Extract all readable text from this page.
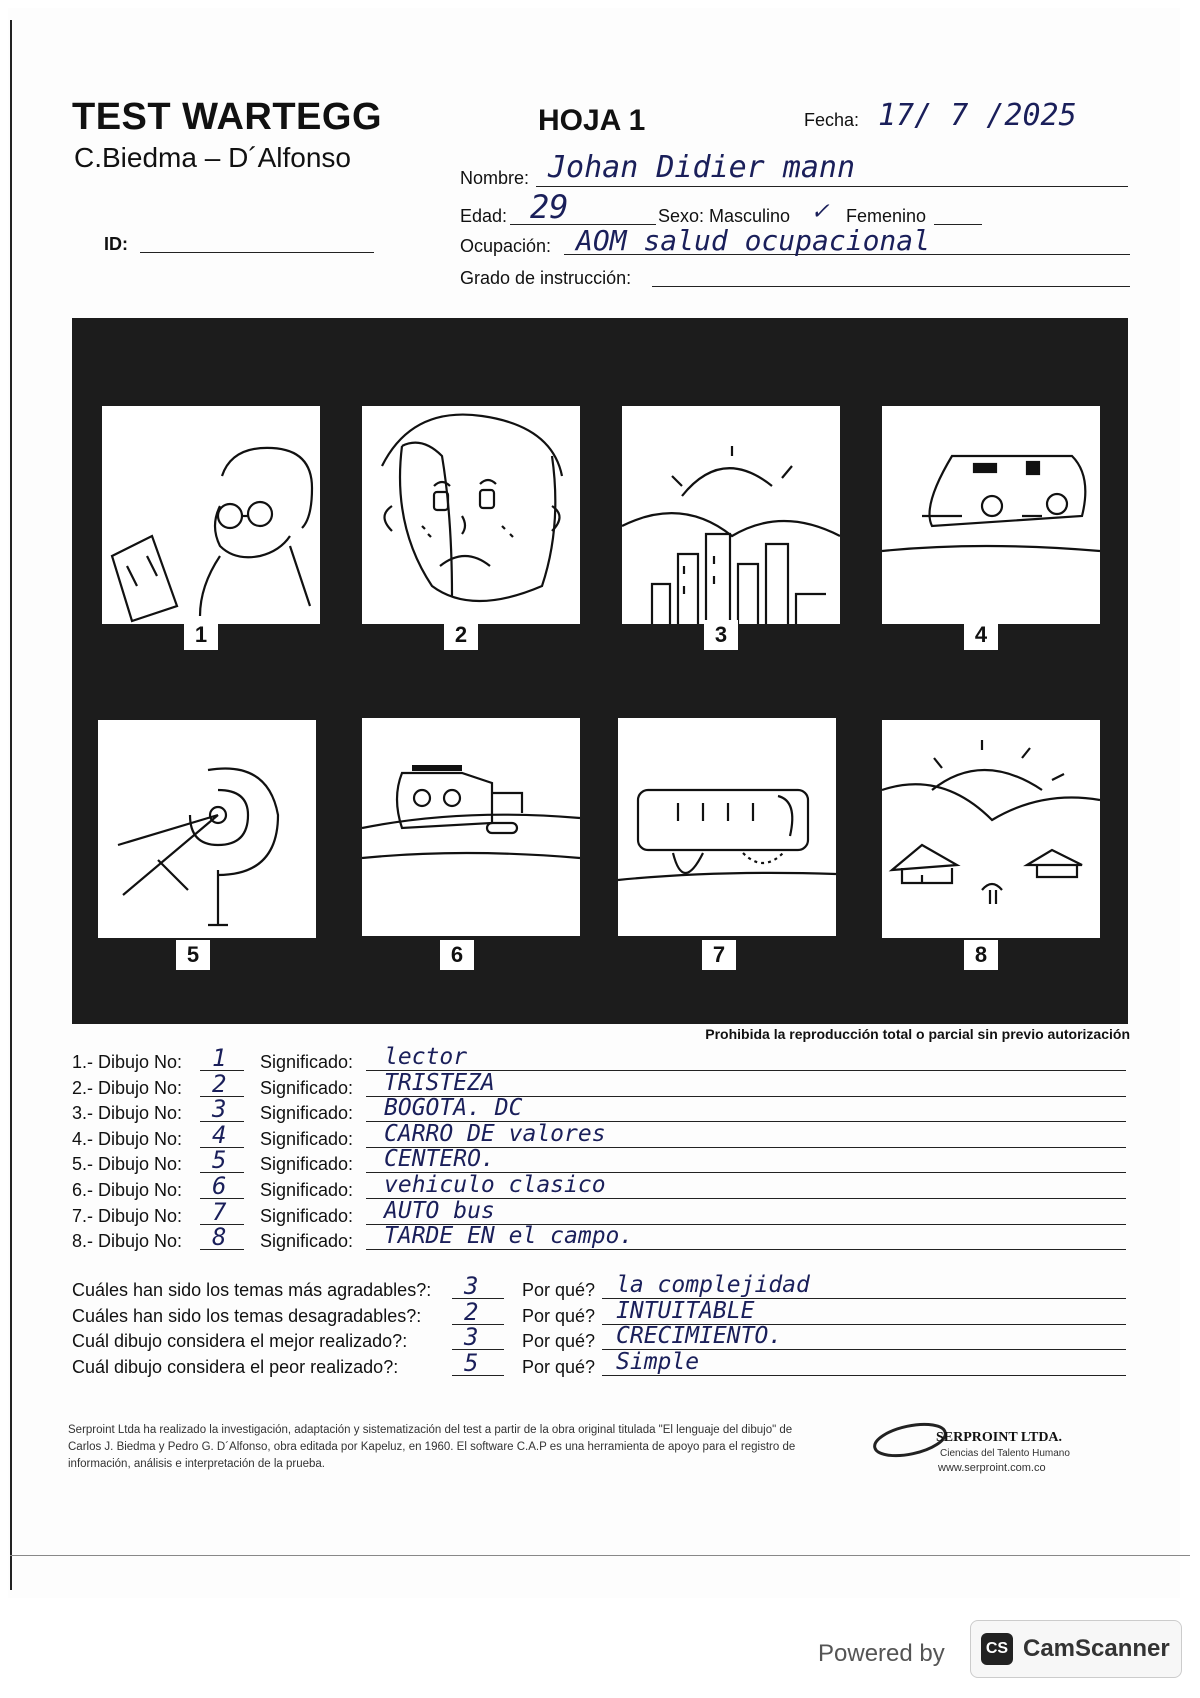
TEST WARTEGG
C.Biedma – D´Alfonso
HOJA 1	Fecha: 17/ 7 /2025
Nombre: Johan Didier mann
Edad: 29	Sexo: Masculino ✓ Femenino
Ocupación: AOM salud ocupacional
Grado de instrucción:
ID:
1	2	3	4
5	6	7	8
Prohibida la reproducción total o parcial sin previo autorización
1.- Dibujo No: 1 Significado: lector
2.- Dibujo No: 2 Significado: TRISTEZA
3.- Dibujo No: 3 Significado: BOGOTA. DC
4.- Dibujo No: 4 Significado: CARRO DE valores
5.- Dibujo No: 5 Significado: CENTERO.
6.- Dibujo No: 6 Significado: vehiculo clasico
7.- Dibujo No: 7 Significado: AUTO bus
8.- Dibujo No: 8 Significado: TARDE EN el campo.
Cuáles han sido los temas más agradables?: 3 Por qué? la complejidad
Cuáles han sido los temas desagradables?: 2 Por qué? INTUITABLE
Cuál dibujo considera el mejor realizado?: 3 Por qué? CRECIMIENTO.
Cuál dibujo considera el peor realizado?:	5 Por qué? Simple
Serproint Ltda ha realizado la investigación, adaptación y sistematización del test a partir de la obra original titulada "El lenguaje del dibujo" de Carlos J. Biedma y Pedro G. D´Alfonso, obra editada por Kapeluz, en 1960. El software C.A.P es una herramienta de apoyo para el registro de información, análisis e interpretación de la prueba.
SERPROINT LTDA.
Ciencias del Talento Humano
www.serproint.com.co
Powered by	CS CamScanner
